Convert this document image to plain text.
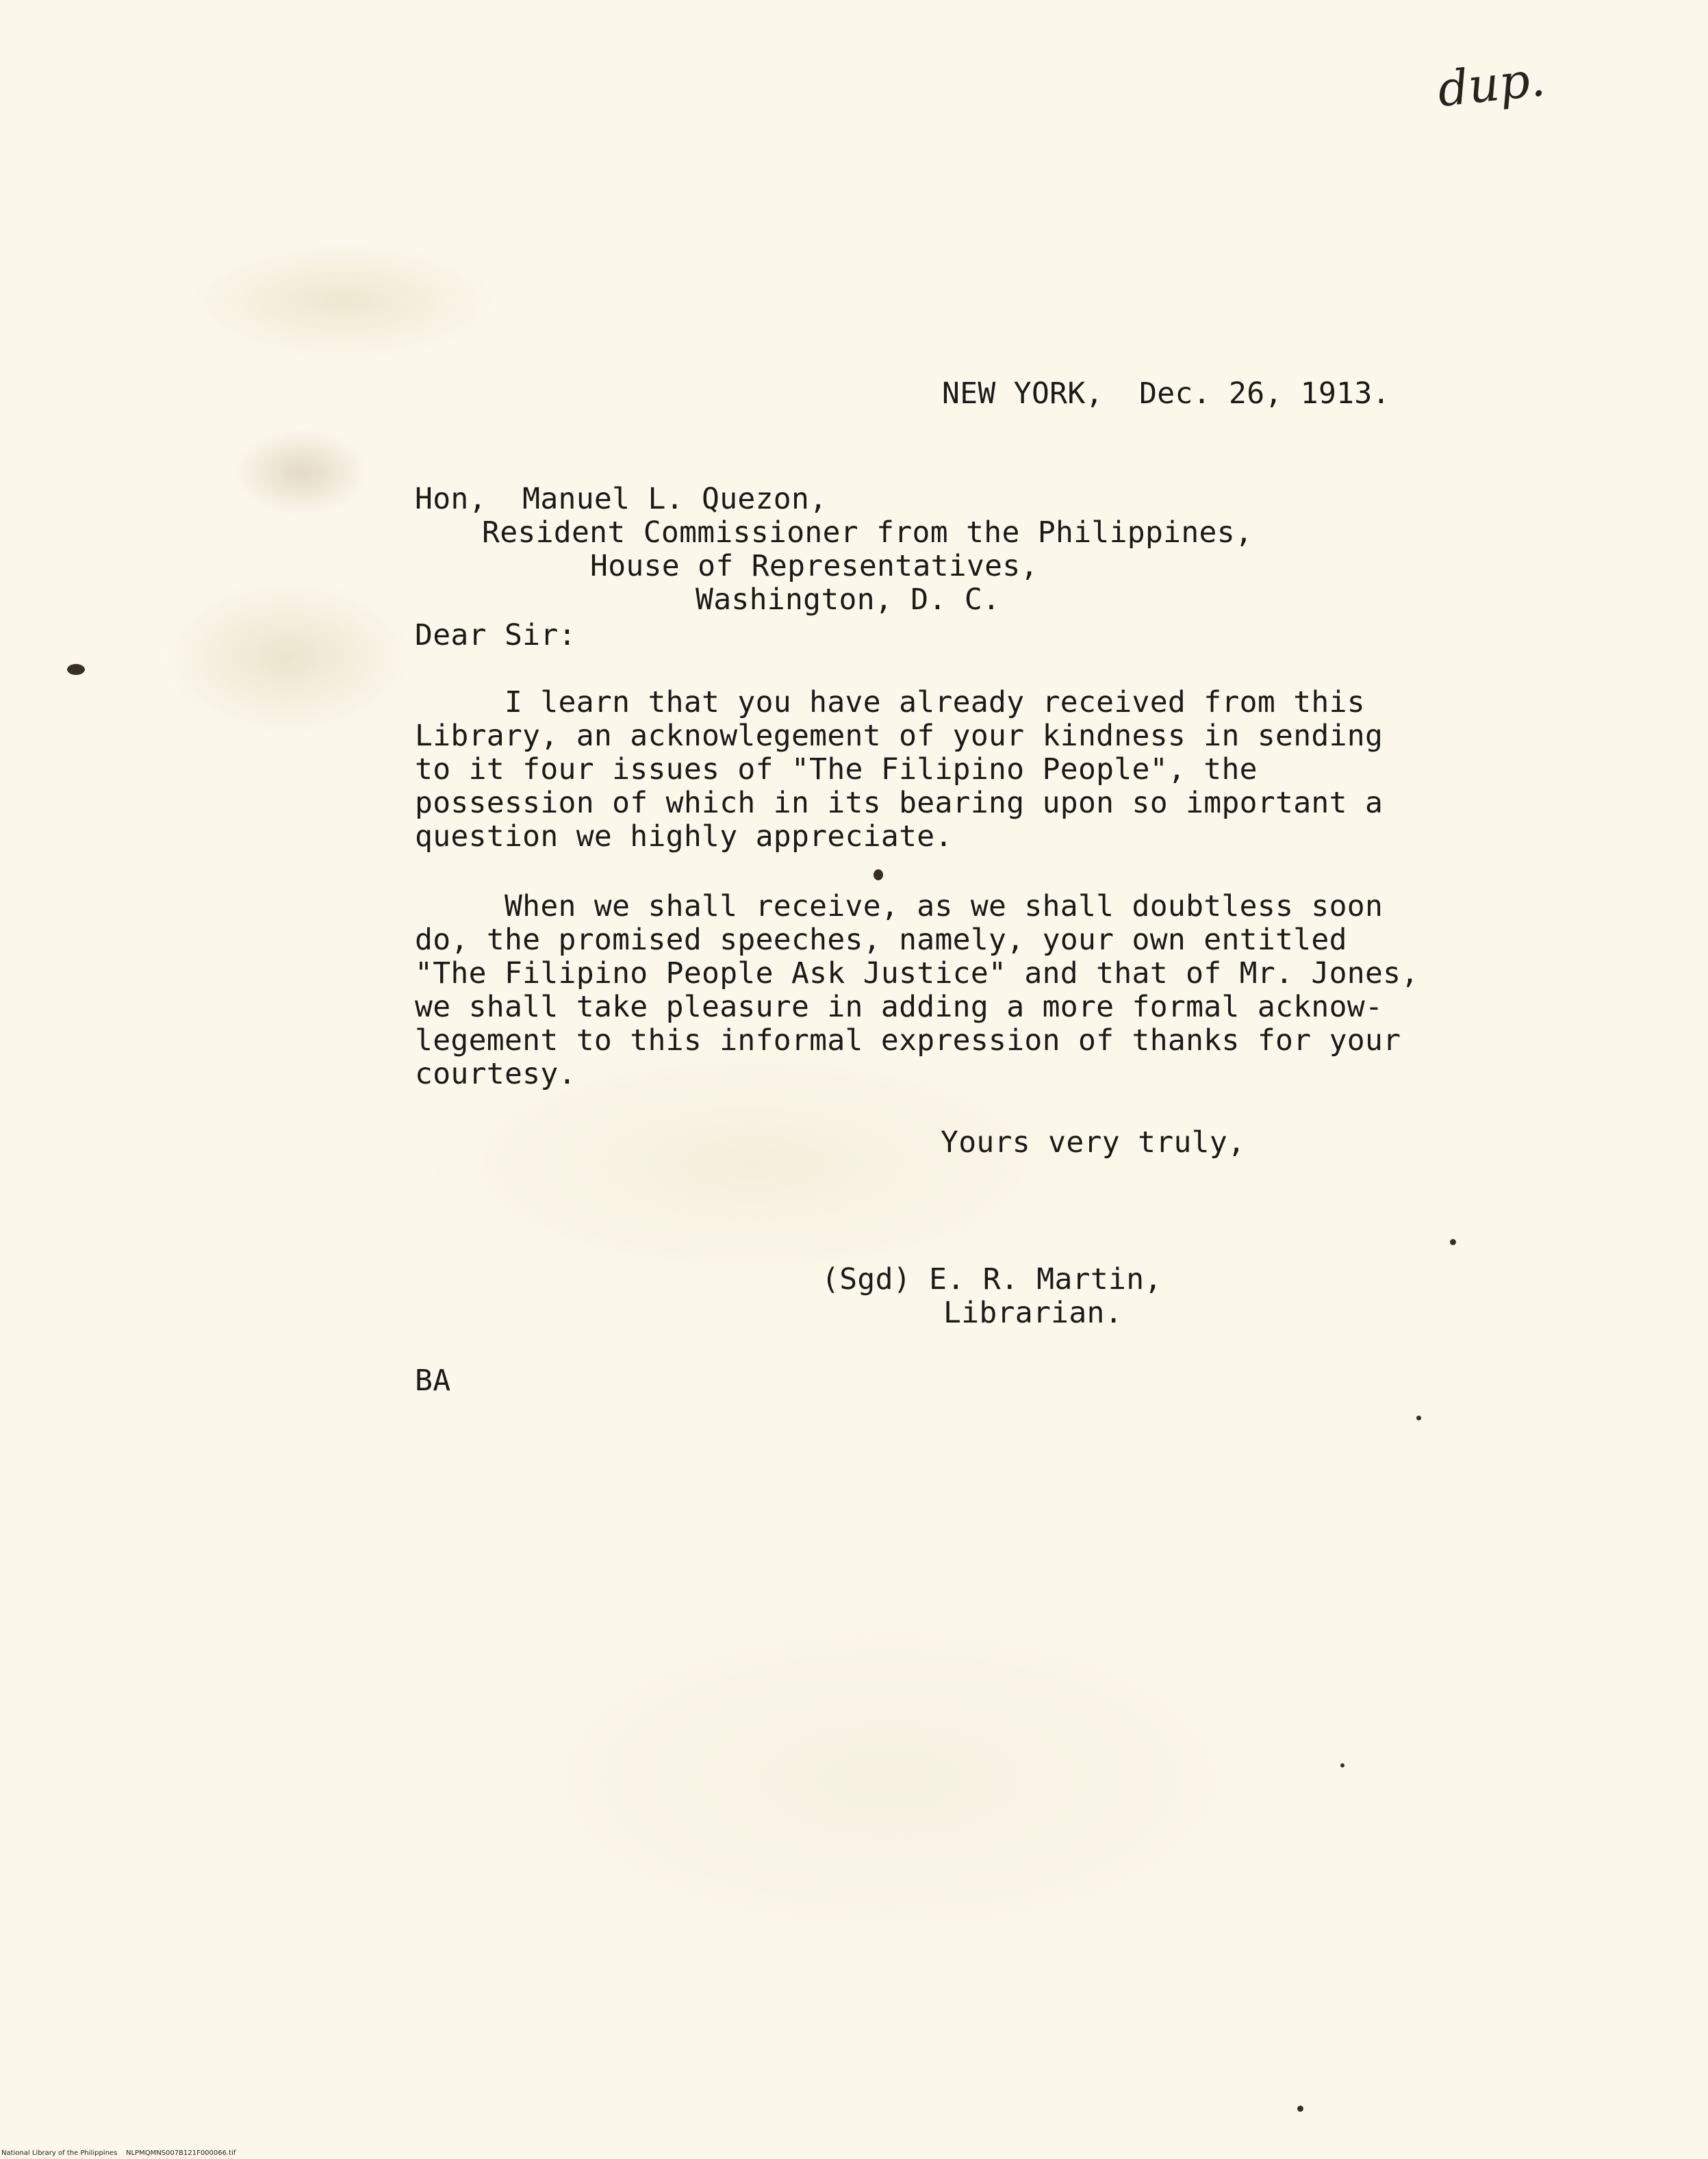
dup.
NEW YORK,  Dec. 26, 1913.
Hon,  Manuel L. Quezon,
Resident Commissioner from the Philippines,
House of Representatives,
Washington, D. C.
Dear Sir:
I learn that you have already received from this
Library, an acknowlegement of your kindness in sending
to it four issues of "The Filipino People", the
possession of which in its bearing upon so important a
question we highly appreciate.
When we shall receive, as we shall doubtless soon
do, the promised speeches, namely, your own entitled
"The Filipino People Ask Justice" and that of Mr. Jones,
we shall take pleasure in adding a more formal acknow-
legement to this informal expression of thanks for your
courtesy.
Yours very truly,
(Sgd) E. R. Martin,
Librarian.
BA
National Library of the Philippines    NLPMQMNS007B121F000066.tif
